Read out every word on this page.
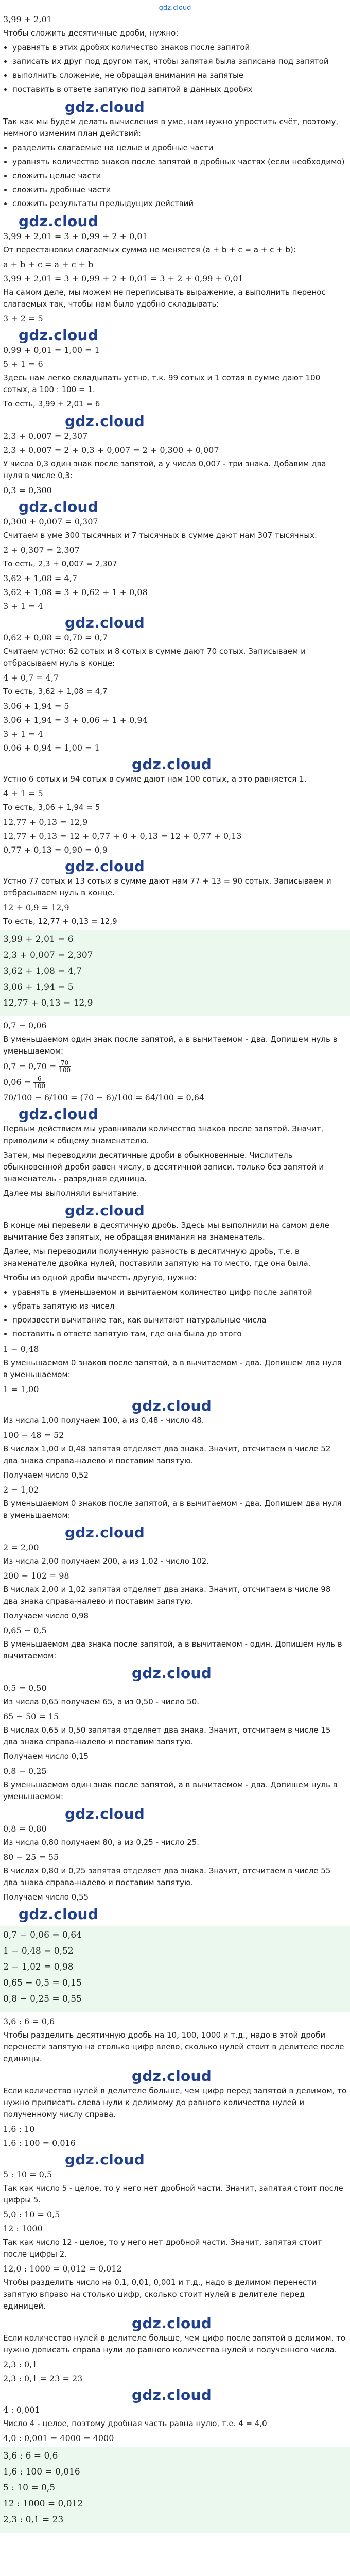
gdz.cloud
3,99 + 2,01
Чтобы сложить десятичные дроби, нужно:
• уравнять в этих дробях количество знаков после запятой
• записать их друг под другом так, чтобы запятая была записана под запятой
• выполнить сложение, не обращая внимания на запятые
• поставить в ответе запятую под запятой в данных дробях
gdz.cloud
Так как мы будем делать вычисления в уме, нам нужно упростить счёт, поэтому, немного изменим план действий:
• разделить слагаемые на целые и дробные части
• уравнять количество знаков после запятой в дробных частях (если необходимо)
• сложить целые части
• сложить дробные части
• сложить результаты предыдущих действий
gdz.cloud
3,99 + 2,01 = 3 + 0,99 + 2 + 0,01
От перестановки слагаемых сумма не меняется (a + b + c = a + c + b):
a + b + c = a + c + b
3,99 + 2,01 = 3 + 0,99 + 2 + 0,01 = 3 + 2 + 0,99 + 0,01
На самом деле, мы можем не переписывать выражение, а выполнить перенос слагаемых так, чтобы нам было удобно складывать:
3 + 2 = 5
gdz.cloud
0,99 + 0,01 = 1,00 = 1
5 + 1 = 6
Здесь нам легко складывать устно, т.к. 99 сотых и 1 сотая в сумме дают 100 сотых, а 100 : 100 = 1.
То есть, 3,99 + 2,01 = 6
gdz.cloud
2,3 + 0,007 = 2,307
2,3 + 0,007 = 2 + 0,3 + 0,007 = 2 + 0,300 + 0,007
У числа 0,3 один знак после запятой, а у числа 0,007 - три знака. Добавим два нуля в числе 0,3:
0,3 = 0,300
gdz.cloud
0,300 + 0,007 = 0,307
Считаем в уме 300 тысячных и 7 тысячных в сумме дают нам 307 тысячных.
2 + 0,307 = 2,307
То есть, 2,3 + 0,007 = 2,307
3,62 + 1,08 = 4,7
3,62 + 1,08 = 3 + 0,62 + 1 + 0,08
3 + 1 = 4
gdz.cloud
0,62 + 0,08 = 0,70 = 0,7
Считаем устно: 62 сотых и 8 сотых в сумме дают 70 сотых. Записываем и отбрасываем нуль в конце:
4 + 0,7 = 4,7
То есть, 3,62 + 1,08 = 4,7
3,06 + 1,94 = 5
3,06 + 1,94 = 3 + 0,06 + 1 + 0,94
3 + 1 = 4
0,06 + 0,94 = 1,00 = 1
gdz.cloud
Устно 6 сотых и 94 сотых в сумме дают нам 100 сотых, а это равняется 1.
4 + 1 = 5
То есть, 3,06 + 1,94 = 5
12,77 + 0,13 = 12,9
12,77 + 0,13 = 12 + 0,77 + 0 + 0,13 = 12 + 0,77 + 0,13
0,77 + 0,13 = 0,90 = 0,9
gdz.cloud
Устно 77 сотых и 13 сотых в сумме дают нам 77 + 13 = 90 сотых. Записываем и отбрасываем нуль в конце.
12 + 0,9 = 12,9
То есть, 12,77 + 0,13 = 12,9
3,99 + 2,01 = 6
2,3 + 0,007 = 2,307
3,62 + 1,08 = 4,7
3,06 + 1,94 = 5
12,77 + 0,13 = 12,9
0,7 − 0,06
В уменьшаемом один знак после запятой, а в вычитаемом - два. Допишем нуль в уменьшаемом:
$0,7 = 0,70 = \frac{70}{100}$
$0,06 = \frac{6}{100}$
70/100 − 6/100 = (70 − 6)/100 = 64/100 = 0,64
gdz.cloud
Первым действием мы уравнивали количество знаков после запятой. Значит, приводили к общему знаменателю.
Затем, мы переводили десятичные дроби в обыкновенные. Числитель обыкновенной дроби равен числу, в десятичной записи, только без запятой и знаменатель - разрядная единица.
Далее мы выполняли вычитание.
gdz.cloud
В конце мы перевели в десятичную дробь. Здесь мы выполнили на самом деле вычитание без запятых, не обращая внимания на знаменатель.
Далее, мы переводили полученную разность в десятичную дробь, т.е. в знаменателе двойка нулей, поставили запятую на то место, где она была.
Чтобы из одной дроби вычесть другую, нужно:
• уравнять в уменьшаемом и вычитаемом количество цифр после запятой
• убрать запятую из чисел
• произвести вычитание так, как вычитают натуральные числа
• поставить в ответе запятую там, где она была до этого
1 − 0,48
В уменьшаемом 0 знаков после запятой, а в вычитаемом - два. Допишем два нуля в уменьшаемом:
1 = 1,00
gdz.cloud
Из числа 1,00 получаем 100, а из 0,48 - число 48.
100 − 48 = 52
В числах 1,00 и 0,48 запятая отделяет два знака. Значит, отсчитаем в числе 52 два знака справа-налево и поставим запятую.
Получаем число 0,52
2 − 1,02
В уменьшаемом 0 знаков после запятой, а в вычитаемом - два. Допишем два нуля в уменьшаемом:
gdz.cloud
2 = 2,00
Из числа 2,00 получаем 200, а из 1,02 - число 102.
200 − 102 = 98
В числах 2,00 и 1,02 запятая отделяет два знака. Значит, отсчитаем в числе 98 два знака справа-налево и поставим запятую.
Получаем число 0,98
0,65 − 0,5
В уменьшаемом два знака после запятой, а в вычитаемом - один. Допишем нуль в вычитаемом:
gdz.cloud
0,5 = 0,50
Из числа 0,65 получаем 65, а из 0,50 - число 50.
65 − 50 = 15
В числах 0,65 и 0,50 запятая отделяет два знака. Значит, отсчитаем в числе 15 два знака справа-налево и поставим запятую.
Получаем число 0,15
0,8 − 0,25
В уменьшаемом один знак после запятой, а в вычитаемом - два. Допишем нуль в уменьшаемом:
gdz.cloud
0,8 = 0,80
Из числа 0,80 получаем 80, а из 0,25 - число 25.
80 − 25 = 55
В числах 0,80 и 0,25 запятая отделяет два знака. Значит, отсчитаем в числе 55 два знака справа-налево и поставим запятую.
Получаем число 0,55
gdz.cloud
0,7 − 0,06 = 0,64
1 − 0,48 = 0,52
2 − 1,02 = 0,98
0,65 − 0,5 = 0,15
0,8 − 0,25 = 0,55
3,6 : 6 = 0,6
Чтобы разделить десятичную дробь на 10, 100, 1000 и т.д., надо в этой дроби перенести запятую на столько цифр влево, сколько нулей стоит в делителе после единицы.
gdz.cloud
Если количество нулей в делителе больше, чем цифр перед запятой в делимом, то нужно приписать слева нули к делимому до равного количества нулей и полученному числу справа.
1,6 : 10
1,6 : 100 = 0,016
gdz.cloud
5 : 10 = 0,5
Так как число 5 - целое, то у него нет дробной части. Значит, запятая стоит после цифры 5.
5,0 : 10 = 0,5
12 : 1000
Так как число 12 - целое, то у него нет дробной части. Значит, запятая стоит после цифры 2.
12,0 : 1000 = 0,012 = 0,012
Чтобы разделить число на 0,1, 0,01, 0,001 и т.д., надо в делимом перенести запятую вправо на столько цифр, сколько стоит нулей в делителе перед единицей.
gdz.cloud
Если количество нулей в делителе больше, чем цифр после запятой в делимом, то нужно дописать справа нули до равного количества нулей и полученного числа.
2,3 : 0,1
2,3 : 0,1 = 23 = 23
gdz.cloud
4 : 0,001
Число 4 - целое, поэтому дробная часть равна нулю, т.е. 4 = 4,0
4,0 : 0,001 = 4000 = 4000
3,6 : 6 = 0,6
1,6 : 100 = 0,016
5 : 10 = 0,5
12 : 1000 = 0,012
2,3 : 0,1 = 23
